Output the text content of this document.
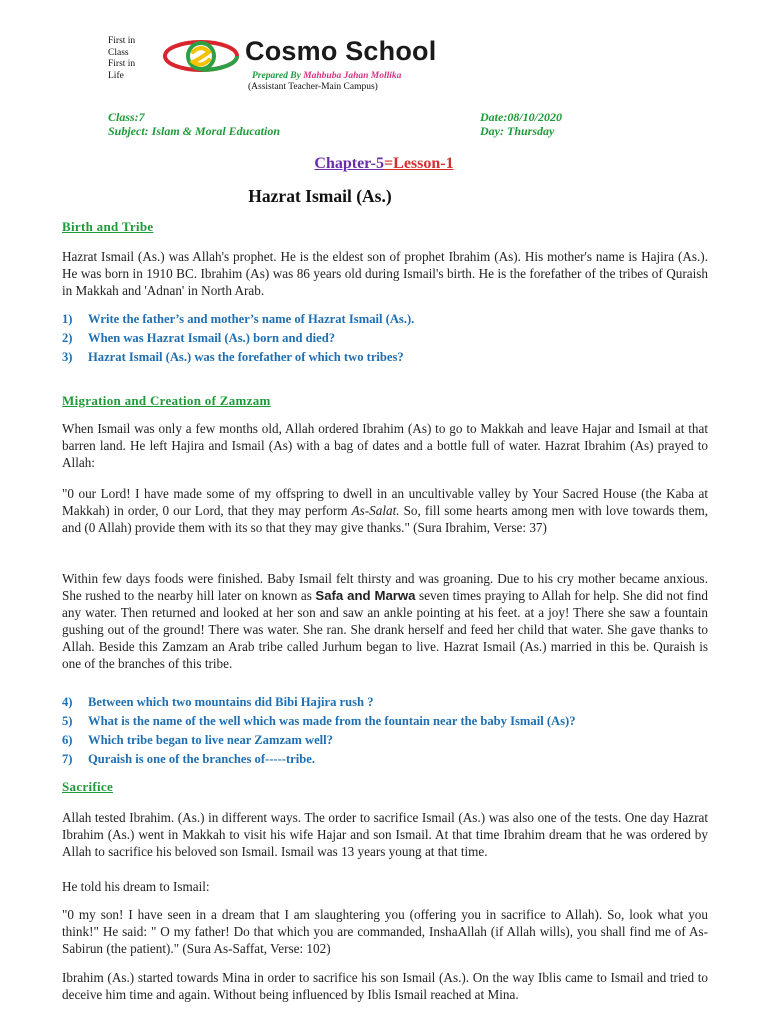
First in
Class
First in
Life
Cosmo School
Prepared By Mahbuba Jahan Mollika
(Assistant Teacher-Main Campus)
Class:7
Subject: Islam & Moral Education
Date:08/10/2020
Day: Thursday
Chapter-5=Lesson-1
Hazrat Ismail (As.)
Birth and Tribe
Hazrat Ismail (As.) was Allah's prophet. He is the eldest son of prophet Ibrahim (As). His mother's name is Hajira (As.). He was born in 1910 BC. Ibrahim (As) was 86 years old during Ismail's birth. He is the forefather of the tribes of Quraish in Makkah and 'Adnan' in North Arab.
1) Write the father’s and mother’s name of Hazrat Ismail (As.).
2) When was Hazrat Ismail (As.) born and died?
3) Hazrat Ismail (As.) was the forefather of which two tribes?
Migration and Creation of Zamzam
When Ismail was only a few months old, Allah ordered Ibrahim (As) to go to Makkah and leave Hajar and Ismail at that barren land. He left Hajira and Ismail (As) with a bag of dates and a bottle full of water. Hazrat Ibrahim (As) prayed to Allah:
"0 our Lord! I have made some of my offspring to dwell in an uncultivable valley by Your Sacred House (the Kaba at Makkah) in order, 0 our Lord, that they may perform As-Salat. So, fill some hearts among men with love towards them, and (0 Allah) provide them with its so that they may give thanks." (Sura Ibrahim, Verse: 37)
Within few days foods were finished. Baby Ismail felt thirsty and was groaning. Due to his cry mother became anxious. She rushed to the nearby hill later on known as Safa and Marwa seven times praying to Allah for help. She did not find any water. Then returned and looked at her son and saw an ankle pointing at his feet. at a joy! There she saw a fountain gushing out of the ground! There was water. She ran. She drank herself and feed her child that water. She gave thanks to Allah. Beside this Zamzam an Arab tribe called Jurhum began to live. Hazrat Ismail (As.) married in this be. Quraish is one of the branches of this tribe.
4) Between which two mountains did Bibi Hajira rush ?
5) What is the name of the well which was made from the fountain near the baby Ismail (As)?
6) Which tribe began to live near Zamzam well?
7) Quraish is one of the branches of-----tribe.
Sacrifice
Allah tested Ibrahim. (As.) in different ways. The order to sacrifice Ismail (As.) was also one of the tests. One day Hazrat Ibrahim (As.) went in Makkah to visit his wife Hajar and son Ismail. At that time Ibrahim dream that he was ordered by Allah to sacrifice his beloved son Ismail. Ismail was 13 years young at that time.
He told his dream to Ismail:
"0 my son! I have seen in a dream that I am slaughtering you (offering you in sacrifice to Allah). So, look what you think!" He said: " O my father! Do that which you are commanded, InshaAllah (if Allah wills), you shall find me of As-Sabirun (the patient)." (Sura As-Saffat, Verse: 102)
Ibrahim (As.) started towards Mina in order to sacrifice his son Ismail (As.). On the way Iblis came to Ismail and tried to deceive him time and again. Without being influenced by Iblis Ismail reached at Mina.
